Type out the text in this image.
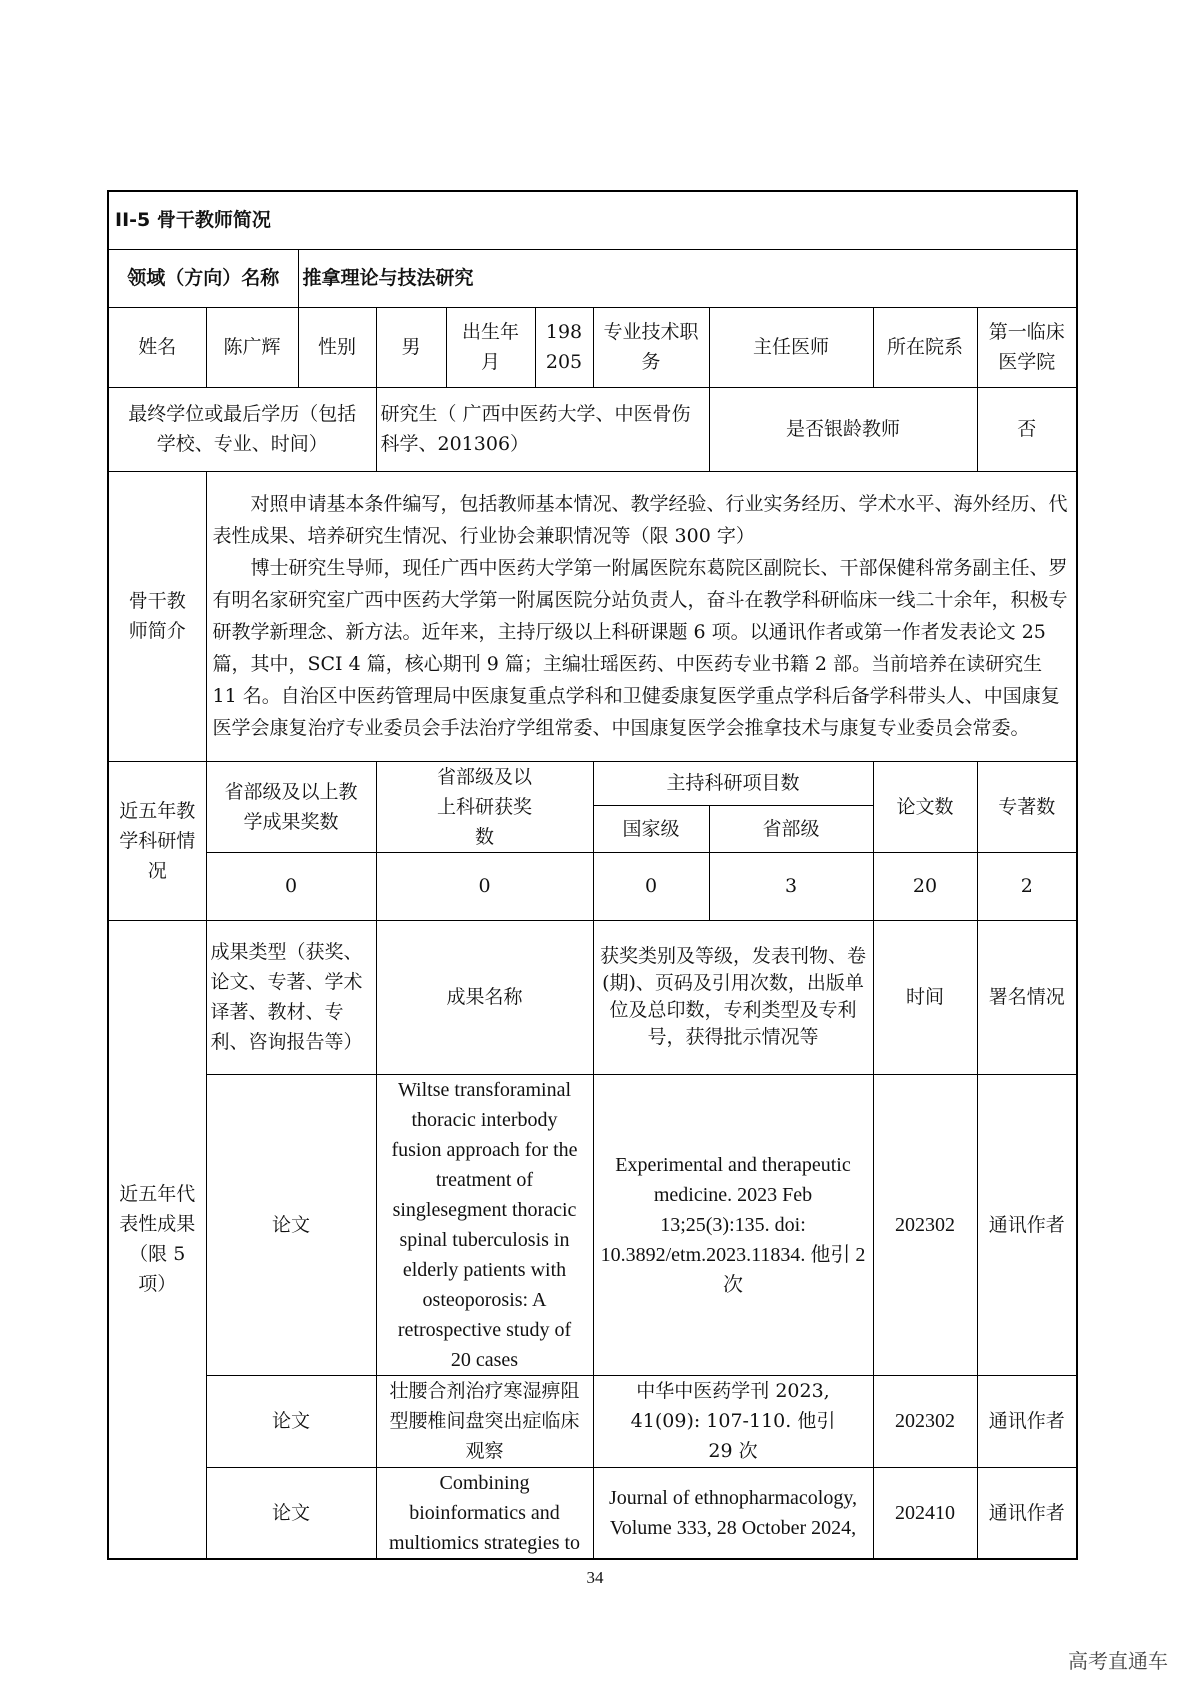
II-5 骨干教师简况									
领域（方向）名称		推拿理论与技法研究							
姓名	陈广辉	性别	男	出生年月	198205	专业技术职　务	主任医师	所在院系	第一临床医学院
最终学位或最后学历（包括学校、专业、时间）			研究生（ 广西中医药大学、中医骨伤科学、201306）				是否银龄教师		否
骨干教师简介	对照申请基本条件编写，包括教师基本情况、教学经验、行业实务经历、学术水平、海外经历、代表性成果、培养研究生情况、行业协会兼职情况等（限 300 字）

博士研究生导师，现任广西中医药大学第一附属医院东葛院区副院长、干部保健科常务副主任、罗有明名家研究室广西中医药大学第一附属医院分站负责人，奋斗在教学科研临床一线二十余年，积极专研教学新理念、新方法。近年来，主持厅级以上科研课题 6 项。以通讯作者或第一作者发表论文 25 篇，其中，SCI 4 篇，核心期刊 9 篇；主编壮瑶医药、中医药专业书籍 2 部。当前培养在读研究生 11 名。自治区中医药管理局中医康复重点学科和卫健委康复医学重点学科后备学科带头人、中国康复医学会康复治疗专业委员会手法治疗学组常委、中国康复医学会推拿技术与康复专业委员会常委。								

近五年教学科研情况	省部级及以上教学成果奖数		省部级及以上科研获奖数			主持科研项目数		论文数	专著数
						国家级	省部级		
	0		0			0	3	20	2
近五年代表性成果（限 5 项）	成果类型（获奖、论文、专著、学术译著、教材、专利、咨询报告等）		成果名称			获奖类别及等级，发表刊物、卷(期)、页码及引用次数，出版单位及总印数，专利类型及专利号，获得批示情况等		时间	署名情况
	论文		Wiltse transforaminal thoracic interbody fusion approach for the treatment of singlesegment thoracic spinal tuberculosis in elderly patients with osteoporosis: A retrospective study of 20 cases			Experimental and therapeutic medicine. 2023 Feb 13;25(3):135. doi: 10.3892/etm.2023.11834. 他引 2 次		202302	通讯作者
	论文		壮腰合剂治疗寒湿痹阻型腰椎间盘突出症临床观察			中华中医药学刊 2023, 41(09): 107-110. 他引 29 次		202302	通讯作者
	论文		Combining bioinformatics and multiomics strategies to			Journal of ethnopharmacology, Volume 333, 28 October 2024,		202410	通讯作者
34
高考直通车
